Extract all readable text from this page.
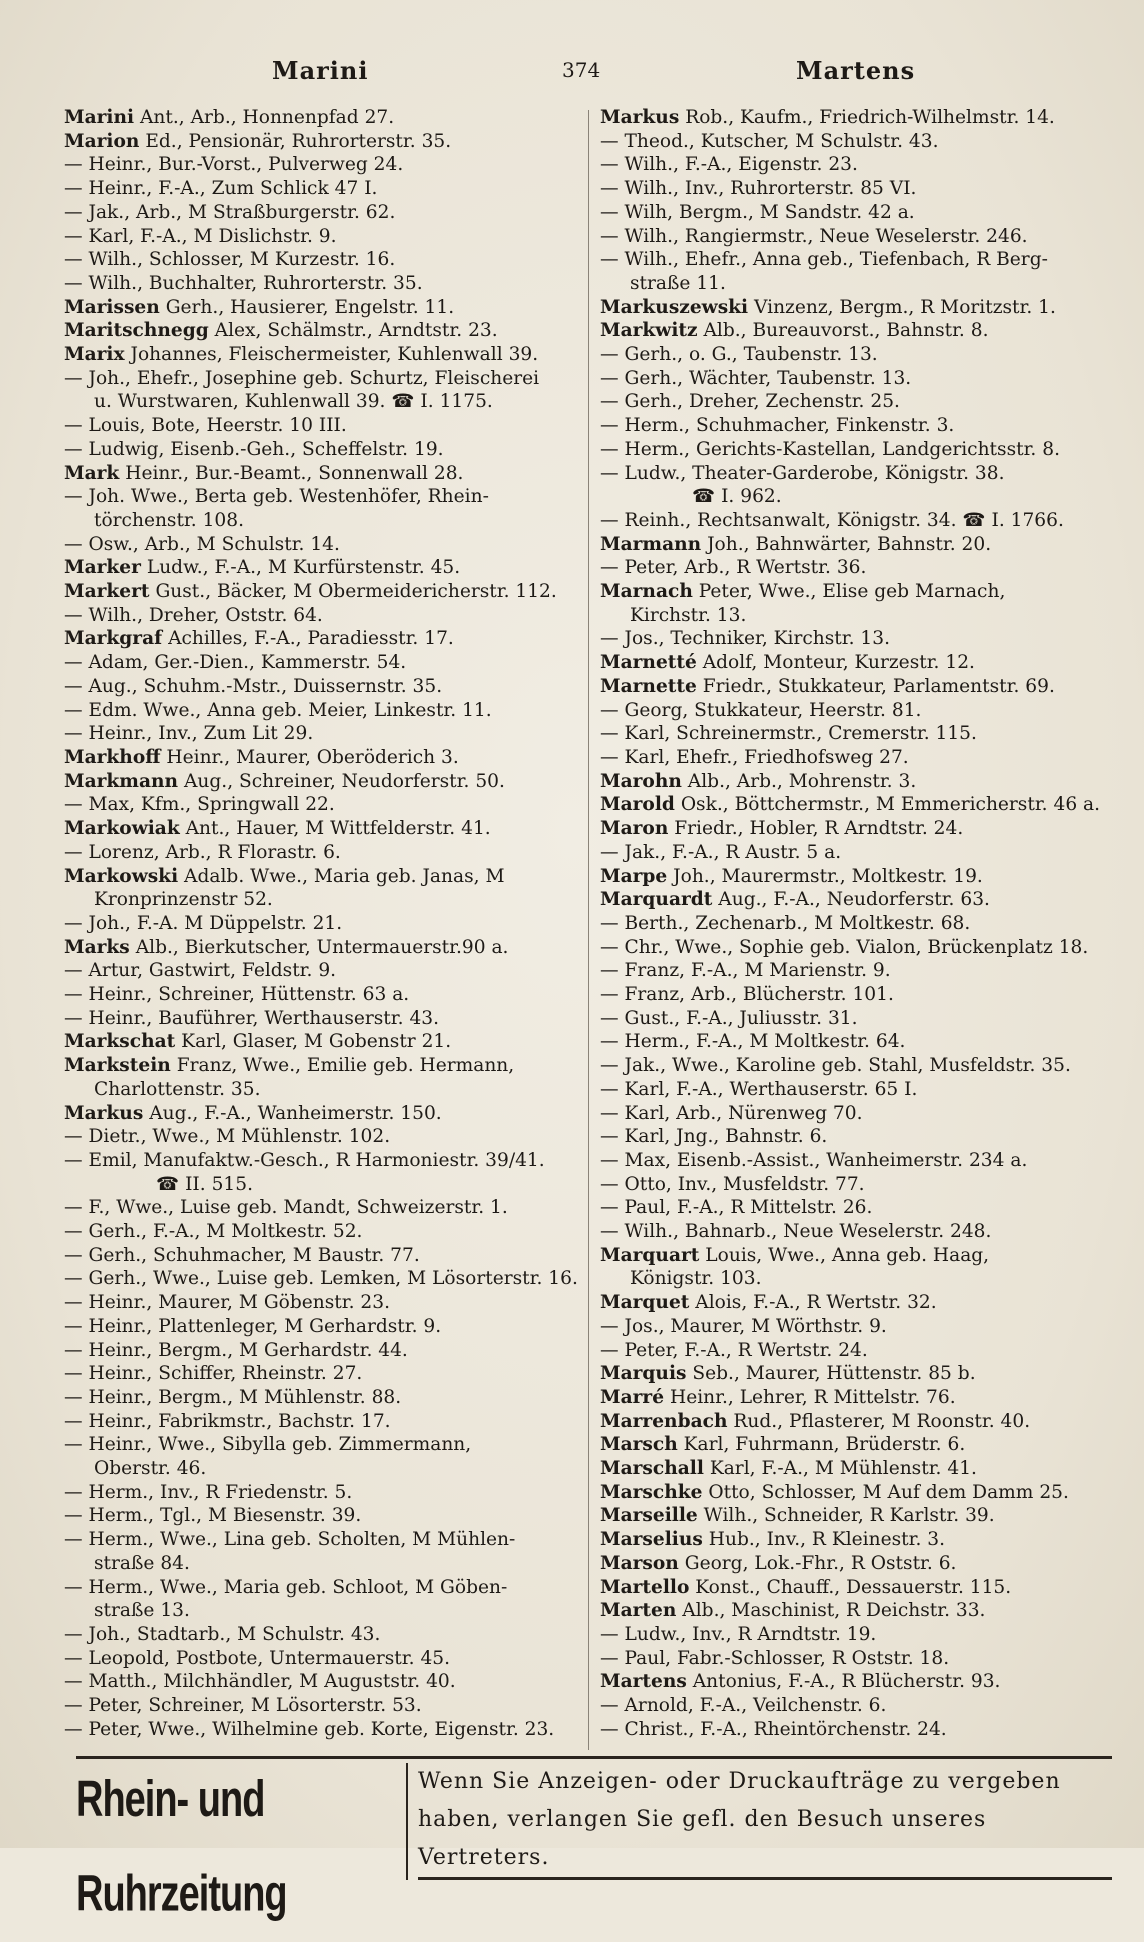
Marini	374	Martens
Marini Ant., Arb., Honnenpfad 27.
Marion Ed., Pensionär, Ruhrorterstr. 35.
— Heinr., Bur.-Vorst., Pulverweg 24.
— Heinr., F.-A., Zum Schlick 47 I.
— Jak., Arb., M Straßburgerstr. 62.
— Karl, F.-A., M Dislichstr. 9.
— Wilh., Schlosser, M Kurzestr. 16.
— Wilh., Buchhalter, Ruhrorterstr. 35.
Marissen Gerh., Hausierer, Engelstr. 11.
Maritschnegg Alex, Schälmstr., Arndtstr. 23.
Marix Johannes, Fleischermeister, Kuhlenwall 39.
— Joh., Ehefr., Josephine geb. Schurtz, Fleischerei
u. Wurstwaren, Kuhlenwall 39. ☎ I. 1175.
— Louis, Bote, Heerstr. 10 III.
— Ludwig, Eisenb.-Geh., Scheffelstr. 19.
Mark Heinr., Bur.-Beamt., Sonnenwall 28.
— Joh. Wwe., Berta geb. Westenhöfer, Rhein-
törchenstr. 108.
— Osw., Arb., M Schulstr. 14.
Marker Ludw., F.-A., M Kurfürstenstr. 45.
Markert Gust., Bäcker, M Obermeidericherstr. 112.
— Wilh., Dreher, Oststr. 64.
Markgraf Achilles, F.-A., Paradiesstr. 17.
— Adam, Ger.-Dien., Kammerstr. 54.
— Aug., Schuhm.-Mstr., Duissernstr. 35.
— Edm. Wwe., Anna geb. Meier, Linkestr. 11.
— Heinr., Inv., Zum Lit 29.
Markhoff Heinr., Maurer, Oberöderich 3.
Markmann Aug., Schreiner, Neudorferstr. 50.
— Max, Kfm., Springwall 22.
Markowiak Ant., Hauer, M Wittfelderstr. 41.
— Lorenz, Arb., R Florastr. 6.
Markowski Adalb. Wwe., Maria geb. Janas, M
Kronprinzenstr 52.
— Joh., F.-A. M Düppelstr. 21.
Marks Alb., Bierkutscher, Untermauerstr.90 a.
— Artur, Gastwirt, Feldstr. 9.
— Heinr., Schreiner, Hüttenstr. 63 a.
— Heinr., Bauführer, Werthauserstr. 43.
Markschat Karl, Glaser, M Gobenstr 21.
Markstein Franz, Wwe., Emilie geb. Hermann,
Charlottenstr. 35.
Markus Aug., F.-A., Wanheimerstr. 150.
— Dietr., Wwe., M Mühlenstr. 102.
— Emil, Manufaktw.-Gesch., R Harmoniestr. 39/41.
☎ II. 515.
— F., Wwe., Luise geb. Mandt, Schweizerstr. 1.
— Gerh., F.-A., M Moltkestr. 52.
— Gerh., Schuhmacher, M Baustr. 77.
— Gerh., Wwe., Luise geb. Lemken, M Lösorterstr. 16.
— Heinr., Maurer, M Göbenstr. 23.
— Heinr., Plattenleger, M Gerhardstr. 9.
— Heinr., Bergm., M Gerhardstr. 44.
— Heinr., Schiffer, Rheinstr. 27.
— Heinr., Bergm., M Mühlenstr. 88.
— Heinr., Fabrikmstr., Bachstr. 17.
— Heinr., Wwe., Sibylla geb. Zimmermann,
Oberstr. 46.
— Herm., Inv., R Friedenstr. 5.
— Herm., Tgl., M Biesenstr. 39.
— Herm., Wwe., Lina geb. Scholten, M Mühlen-
straße 84.
— Herm., Wwe., Maria geb. Schloot, M Göben-
straße 13.
— Joh., Stadtarb., M Schulstr. 43.
— Leopold, Postbote, Untermauerstr. 45.
— Matth., Milchhändler, M Auguststr. 40.
— Peter, Schreiner, M Lösorterstr. 53.
— Peter, Wwe., Wilhelmine geb. Korte, Eigenstr. 23.
Markus Rob., Kaufm., Friedrich-Wilhelmstr. 14.
— Theod., Kutscher, M Schulstr. 43.
— Wilh., F.-A., Eigenstr. 23.
— Wilh., Inv., Ruhrorterstr. 85 VI.
— Wilh, Bergm., M Sandstr. 42 a.
— Wilh., Rangiermstr., Neue Weselerstr. 246.
— Wilh., Ehefr., Anna geb., Tiefenbach, R Berg-
straße 11.
Markuszewski Vinzenz, Bergm., R Moritzstr. 1.
Markwitz Alb., Bureauvorst., Bahnstr. 8.
— Gerh., o. G., Taubenstr. 13.
— Gerh., Wächter, Taubenstr. 13.
— Gerh., Dreher, Zechenstr. 25.
— Herm., Schuhmacher, Finkenstr. 3.
— Herm., Gerichts-Kastellan, Landgerichtsstr. 8.
— Ludw., Theater-Garderobe, Königstr. 38.
☎ I. 962.
— Reinh., Rechtsanwalt, Königstr. 34. ☎ I. 1766.
Marmann Joh., Bahnwärter, Bahnstr. 20.
— Peter, Arb., R Wertstr. 36.
Marnach Peter, Wwe., Elise geb Marnach,
Kirchstr. 13.
— Jos., Techniker, Kirchstr. 13.
Marnetté Adolf, Monteur, Kurzestr. 12.
Marnette Friedr., Stukkateur, Parlamentstr. 69.
— Georg, Stukkateur, Heerstr. 81.
— Karl, Schreinermstr., Cremerstr. 115.
— Karl, Ehefr., Friedhofsweg 27.
Marohn Alb., Arb., Mohrenstr. 3.
Marold Osk., Böttchermstr., M Emmericherstr. 46 a.
Maron Friedr., Hobler, R Arndtstr. 24.
— Jak., F.-A., R Austr. 5 a.
Marpe Joh., Maurermstr., Moltkestr. 19.
Marquardt Aug., F.-A., Neudorferstr. 63.
— Berth., Zechenarb., M Moltkestr. 68.
— Chr., Wwe., Sophie geb. Vialon, Brückenplatz 18.
— Franz, F.-A., M Marienstr. 9.
— Franz, Arb., Blücherstr. 101.
— Gust., F.-A., Juliusstr. 31.
— Herm., F.-A., M Moltkestr. 64.
— Jak., Wwe., Karoline geb. Stahl, Musfeldstr. 35.
— Karl, F.-A., Werthauserstr. 65 I.
— Karl, Arb., Nürenweg 70.
— Karl, Jng., Bahnstr. 6.
— Max, Eisenb.-Assist., Wanheimerstr. 234 a.
— Otto, Inv., Musfeldstr. 77.
— Paul, F.-A., R Mittelstr. 26.
— Wilh., Bahnarb., Neue Weselerstr. 248.
Marquart Louis, Wwe., Anna geb. Haag,
Königstr. 103.
Marquet Alois, F.-A., R Wertstr. 32.
— Jos., Maurer, M Wörthstr. 9.
— Peter, F.-A., R Wertstr. 24.
Marquis Seb., Maurer, Hüttenstr. 85 b.
Marré Heinr., Lehrer, R Mittelstr. 76.
Marrenbach Rud., Pflasterer, M Roonstr. 40.
Marsch Karl, Fuhrmann, Brüderstr. 6.
Marschall Karl, F.-A., M Mühlenstr. 41.
Marschke Otto, Schlosser, M Auf dem Damm 25.
Marseille Wilh., Schneider, R Karlstr. 39.
Marselius Hub., Inv., R Kleinestr. 3.
Marson Georg, Lok.-Fhr., R Oststr. 6.
Martello Konst., Chauff., Dessauerstr. 115.
Marten Alb., Maschinist, R Deichstr. 33.
— Ludw., Inv., R Arndtstr. 19.
— Paul, Fabr.-Schlosser, R Oststr. 18.
Martens Antonius, F.-A., R Blücherstr. 93.
— Arnold, F.-A., Veilchenstr. 6.
— Christ., F.-A., Rheintörchenstr. 24.
Rhein- und Ruhrzeitung
Wenn Sie Anzeigen- oder Druckaufträge zu vergeben
haben, verlangen Sie gefl. den Besuch unseres Vertreters.
